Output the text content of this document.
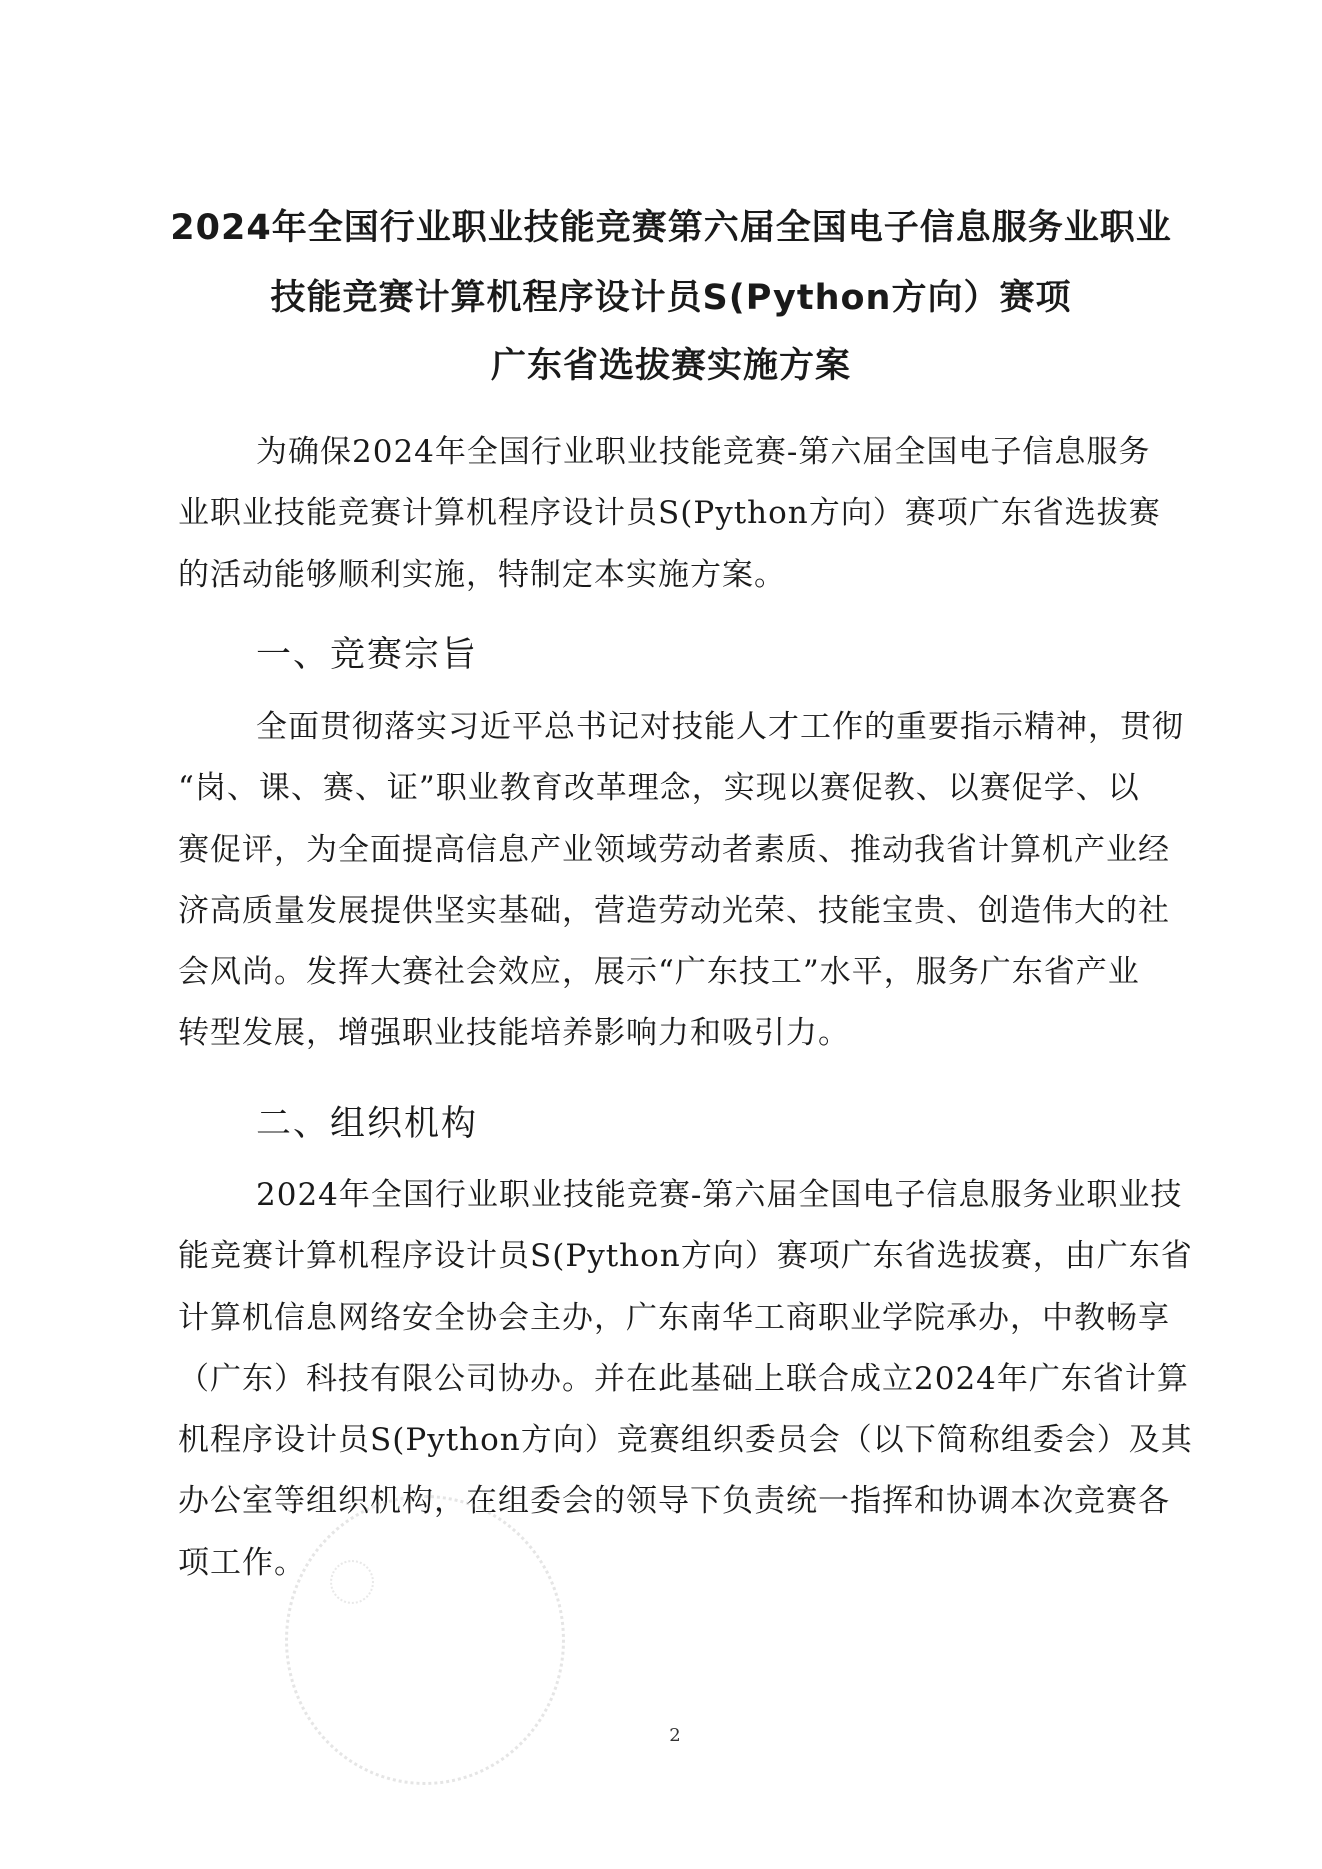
2024年全国行业职业技能竞赛第六届全国电子信息服务业职业
技能竞赛计算机程序设计员S(Python方向）赛项
广东省选拔赛实施方案
为确保2024年全国行业职业技能竞赛-第六届全国电子信息服务
业职业技能竞赛计算机程序设计员S(Python方向）赛项广东省选拔赛
的活动能够顺利实施，特制定本实施方案。
一、竞赛宗旨
全面贯彻落实习近平总书记对技能人才工作的重要指示精神，贯彻
“岗、课、赛、证”职业教育改革理念，实现以赛促教、以赛促学、以
赛促评，为全面提高信息产业领域劳动者素质、推动我省计算机产业经
济高质量发展提供坚实基础，营造劳动光荣、技能宝贵、创造伟大的社
会风尚。发挥大赛社会效应，展示“广东技工”水平，服务广东省产业
转型发展，增强职业技能培养影响力和吸引力。
二、组织机构
2024年全国行业职业技能竞赛-第六届全国电子信息服务业职业技
能竞赛计算机程序设计员S(Python方向）赛项广东省选拔赛，由广东省
计算机信息网络安全协会主办，广东南华工商职业学院承办，中教畅享
（广东）科技有限公司协办。并在此基础上联合成立2024年广东省计算
机程序设计员S(Python方向）竞赛组织委员会（以下简称组委会）及其
办公室等组织机构，在组委会的领导下负责统一指挥和协调本次竞赛各
项工作。
2
